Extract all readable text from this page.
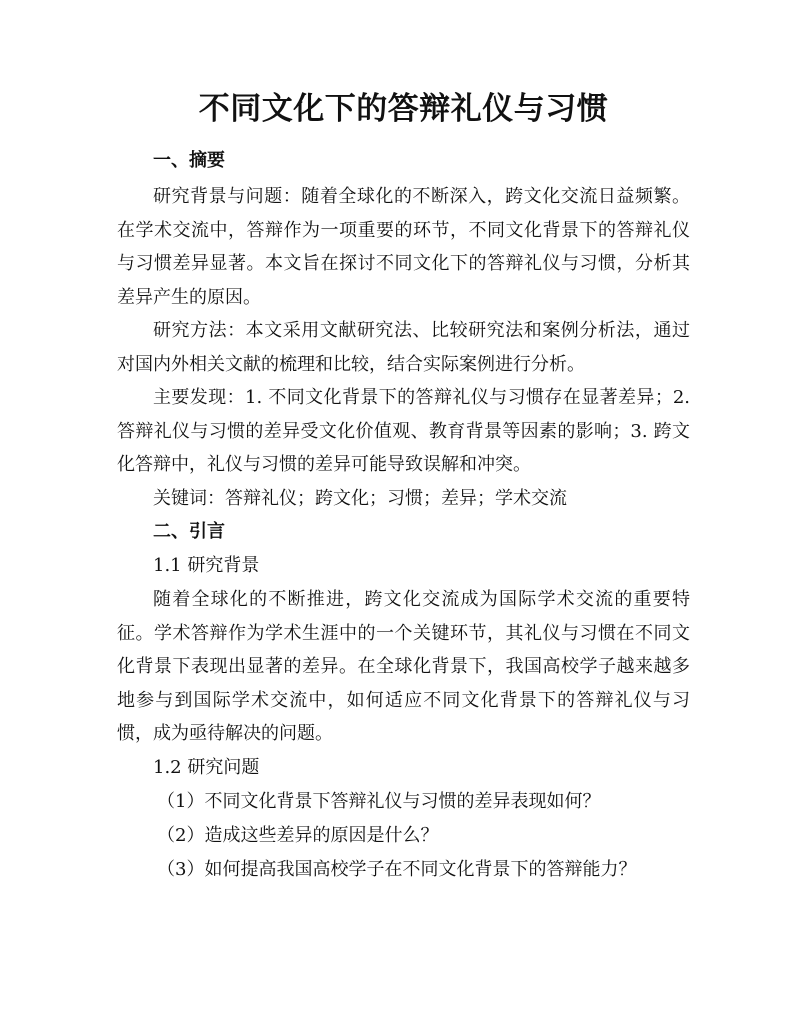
不同文化下的答辩礼仪与习惯

一、摘要

研究背景与问题：随着全球化的不断深入，跨文化交流日益频繁。在学术交流中，答辩作为一项重要的环节，不同文化背景下的答辩礼仪与习惯差异显著。本文旨在探讨不同文化下的答辩礼仪与习惯，分析其差异产生的原因。

研究方法：本文采用文献研究法、比较研究法和案例分析法，通过对国内外相关文献的梳理和比较，结合实际案例进行分析。

主要发现：1. 不同文化背景下的答辩礼仪与习惯存在显著差异；2. 答辩礼仪与习惯的差异受文化价值观、教育背景等因素的影响；3. 跨文化答辩中，礼仪与习惯的差异可能导致误解和冲突。

关键词：答辩礼仪；跨文化；习惯；差异；学术交流

二、引言

1.1 研究背景

随着全球化的不断推进，跨文化交流成为国际学术交流的重要特征。学术答辩作为学术生涯中的一个关键环节，其礼仪与习惯在不同文化背景下表现出显著的差异。在全球化背景下，我国高校学子越来越多地参与到国际学术交流中，如何适应不同文化背景下的答辩礼仪与习惯，成为亟待解决的问题。

1.2 研究问题

（1）不同文化背景下答辩礼仪与习惯的差异表现如何？

（2）造成这些差异的原因是什么？

（3）如何提高我国高校学子在不同文化背景下的答辩能力？
